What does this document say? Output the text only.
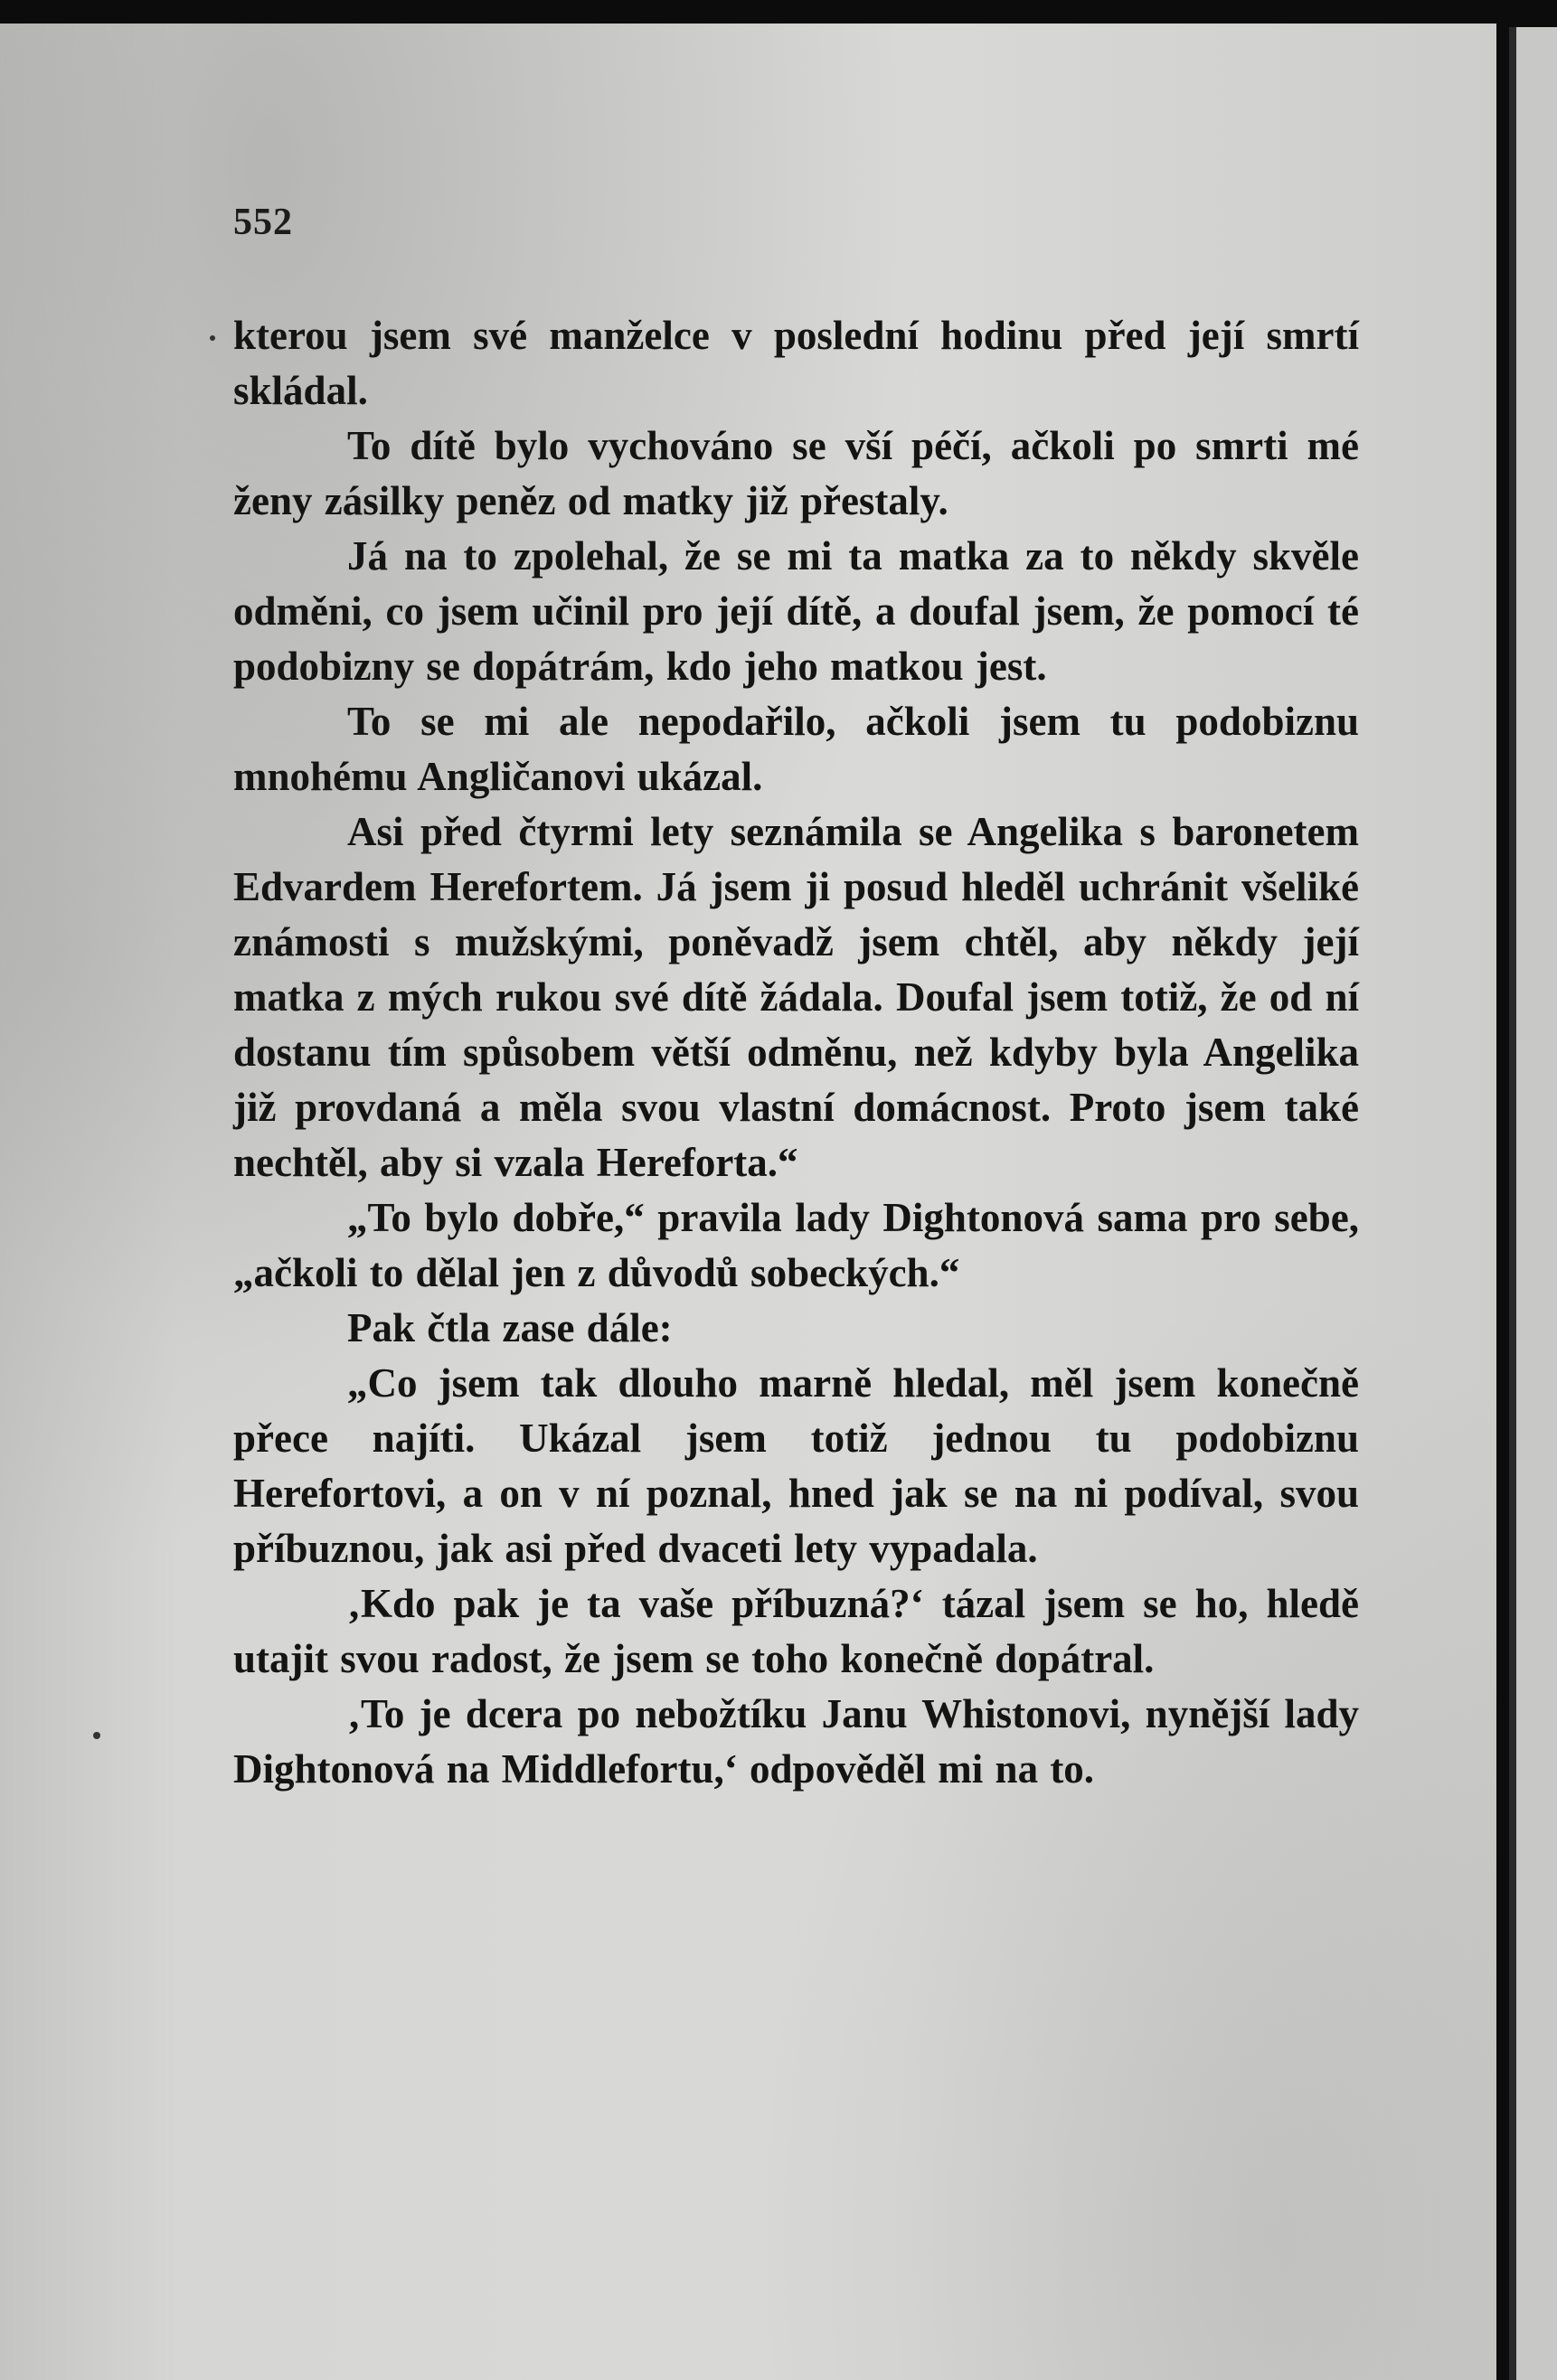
552

kterou jsem své manželce v poslední hodinu před její smrtí skládal.

To dítě bylo vychováno se vší péčí, ačkoli po smrti mé ženy zásilky peněz od matky již přestaly.

Já na to zpolehal, že se mi ta matka za to někdy skvěle odměni, co jsem učinil pro její dítě, a doufal jsem, že pomocí té podobizny se dopátrám, kdo jeho matkou jest.

To se mi ale nepodařilo, ačkoli jsem tu podobiznu mnohému Angličanovi ukázal.

Asi před čtyrmi lety seznámila se Angelika s baronetem Edvardem Herefortem. Já jsem ji posud hleděl uchránit všeliké známosti s mužskými, poněvadž jsem chtěl, aby někdy její matka z mých rukou své dítě žádala. Doufal jsem totiž, že od ní dostanu tím spůsobem větší odměnu, než kdyby byla Angelika již provdaná a měla svou vlastní domácnost. Proto jsem také nechtěl, aby si vzala Hereforta.“

„To bylo dobře,“ pravila lady Dightonová sama pro sebe, „ačkoli to dělal jen z důvodů sobeckých.“

Pak čtla zase dále:

„Co jsem tak dlouho marně hledal, měl jsem konečně přece najíti. Ukázal jsem totiž jednou tu podobiznu Herefortovi, a on v ní poznal, hned jak se na ni podíval, svou příbuznou, jak asi před dvaceti lety vypadala.

‚Kdo pak je ta vaše příbuzná?‘ tázal jsem se ho, hledě utajit svou radost, že jsem se toho konečně dopátral.

‚To je dcera po nebožtíku Janu Whistonovi, nynější lady Dightonová na Middlefortu,‘ odpověděl mi na to.
